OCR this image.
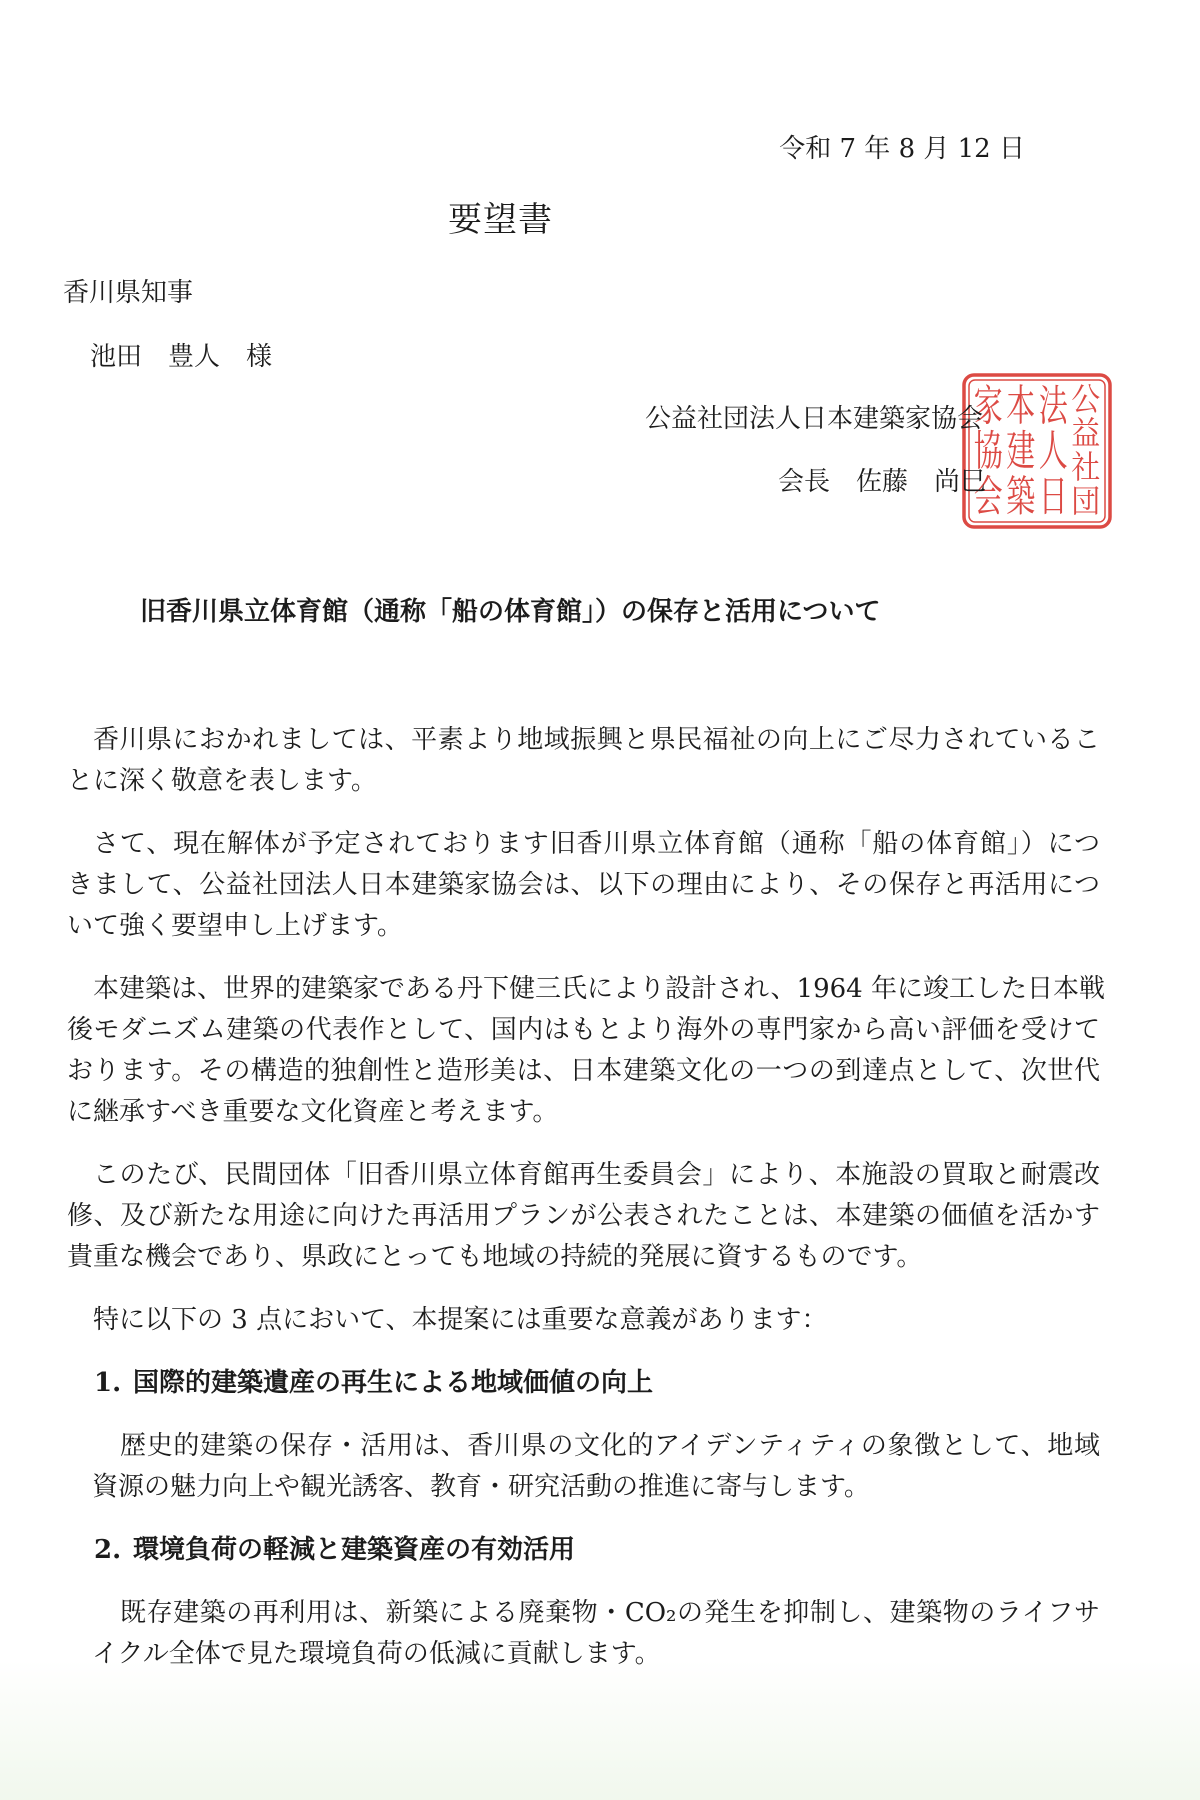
令和 7 年 8 月 12 日
要望書
香川県知事
池田　豊人　様
公
益
社
団
法
人
日
本
建
築
家
協
会
公益社団法人日本建築家協会
会長　佐藤　尚巳
旧香川県立体育館（通称「船の体育館」）の保存と活用について
香川県におかれましては、平素より地域振興と県民福祉の向上にご尽力されているこ
とに深く敬意を表します。
さて、現在解体が予定されております旧香川県立体育館（通称「船の体育館」）につ
きまして、公益社団法人日本建築家協会は、以下の理由により、その保存と再活用につ
いて強く要望申し上げます。
本建築は、世界的建築家である丹下健三氏により設計され、1964 年に竣工した日本戦
後モダニズム建築の代表作として、国内はもとより海外の専門家から高い評価を受けて
おります。その構造的独創性と造形美は、日本建築文化の一つの到達点として、次世代
に継承すべき重要な文化資産と考えます。
このたび、民間団体「旧香川県立体育館再生委員会」により、本施設の買取と耐震改
修、及び新たな用途に向けた再活用プランが公表されたことは、本建築の価値を活かす
貴重な機会であり、県政にとっても地域の持続的発展に資するものです。
特に以下の 3 点において、本提案には重要な意義があります：
1. 国際的建築遺産の再生による地域価値の向上
歴史的建築の保存・活用は、香川県の文化的アイデンティティの象徴として、地域
資源の魅力向上や観光誘客、教育・研究活動の推進に寄与します。
2. 環境負荷の軽減と建築資産の有効活用
既存建築の再利用は、新築による廃棄物・CO₂の発生を抑制し、建築物のライフサ
イクル全体で見た環境負荷の低減に貢献します。
